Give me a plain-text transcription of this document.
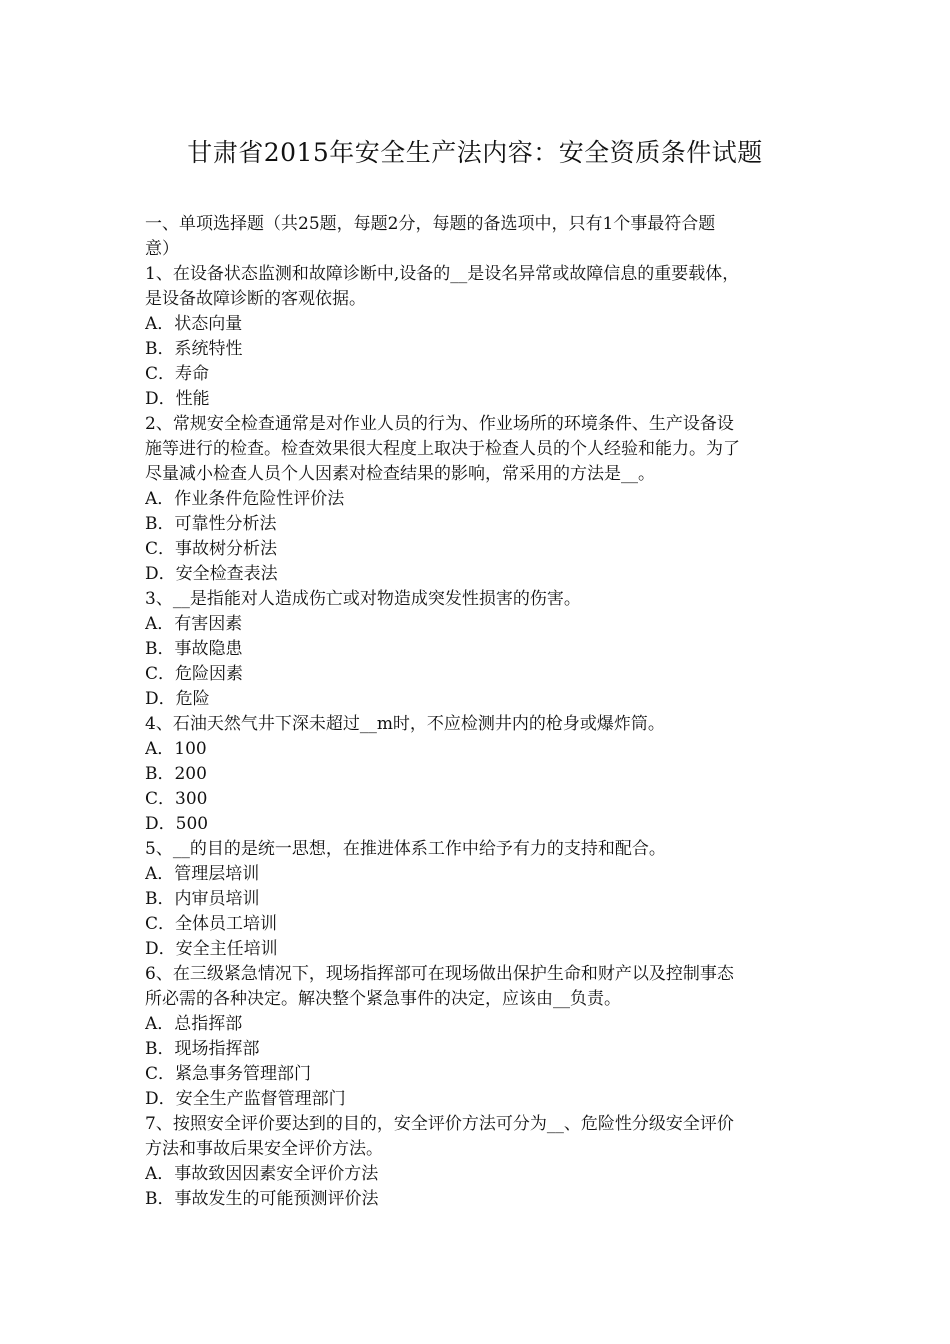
甘肃省2015年安全生产法内容：安全资质条件试题
一、单项选择题（共25题，每题2分，每题的备选项中，只有1个事最符合题
意）
1、在设备状态监测和故障诊断中,设备的__是设名异常或故障信息的重要载体，
是设备故障诊断的客观依据。
A．状态向量
B．系统特性
C．寿命
D．性能
2、常规安全检查通常是对作业人员的行为、作业场所的环境条件、生产设备设
施等进行的检查。检查效果很大程度上取决于检查人员的个人经验和能力。为了
尽量减小检查人员个人因素对检查结果的影响，常采用的方法是__。
A．作业条件危险性评价法
B．可靠性分析法
C．事故树分析法
D．安全检查表法
3、__是指能对人造成伤亡或对物造成突发性损害的伤害。
A．有害因素
B．事故隐患
C．危险因素
D．危险
4、石油天然气井下深未超过__m时，不应检测井内的枪身或爆炸筒。
A．100
B．200
C．300
D．500
5、__的目的是统一思想，在推进体系工作中给予有力的支持和配合。
A．管理层培训
B．内审员培训
C．全体员工培训
D．安全主任培训
6、在三级紧急情况下，现场指挥部可在现场做出保护生命和财产以及控制事态
所必需的各种决定。解决整个紧急事件的决定，应该由__负责。
A．总指挥部
B．现场指挥部
C．紧急事务管理部门
D．安全生产监督管理部门
7、按照安全评价要达到的目的，安全评价方法可分为__、危险性分级安全评价
方法和事故后果安全评价方法。
A．事故致因因素安全评价方法
B．事故发生的可能预测评价法
